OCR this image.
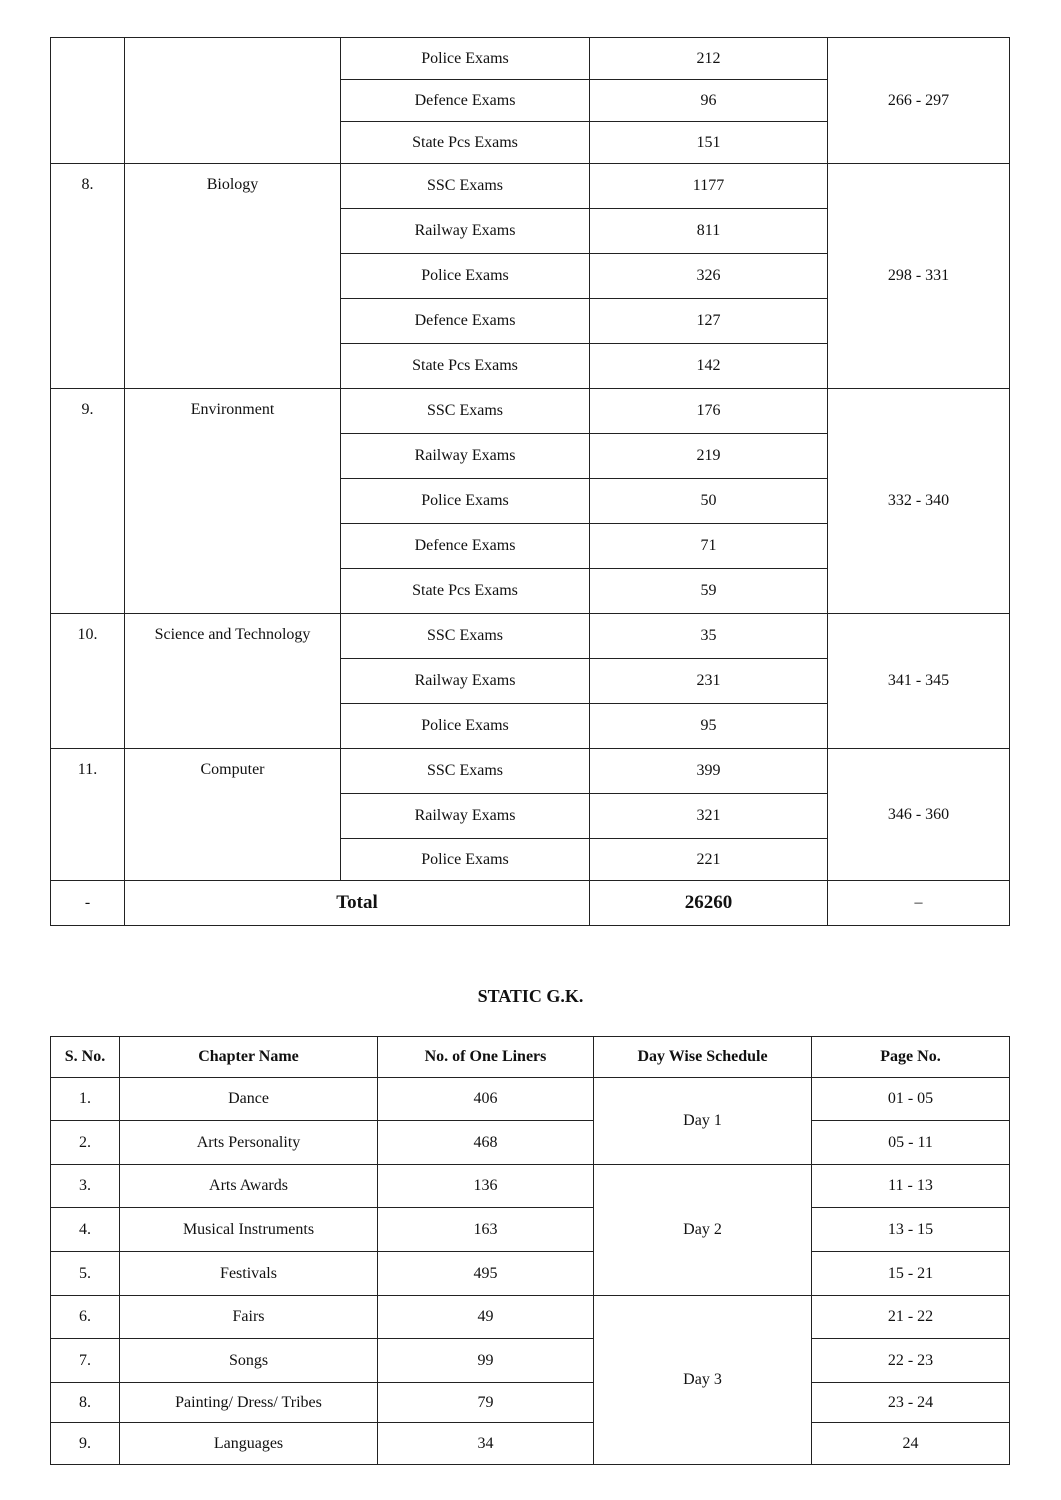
		Police Exams	212	266 - 297
		Defence Exams	96	
		State Pcs Exams	151	
8.	Biology	SSC Exams	1177	298 - 331
		Railway Exams	811	
		Police Exams	326	
		Defence Exams	127	
		State Pcs Exams	142	
9.	Environment	SSC Exams	176	332 - 340
		Railway Exams	219	
		Police Exams	50	
		Defence Exams	71	
		State Pcs Exams	59	
10.	Science and Technology	SSC Exams	35	341 - 345
		Railway Exams	231	
		Police Exams	95	
11.	Computer	SSC Exams	399	346 - 360
		Railway Exams	321	
		Police Exams	221	
-	Total		26260	–
STATIC G.K.
S. No.	Chapter Name	No. of One Liners	Day Wise Schedule	Page No.
1.	Dance	406	Day 1	01 - 05
2.	Arts Personality	468		05 - 11
3.	Arts Awards	136	Day 2	11 - 13
4.	Musical Instruments	163		13 - 15
5.	Festivals	495		15 - 21
6.	Fairs	49	Day 3	21 - 22
7.	Songs	99		22 - 23
8.	Painting/ Dress/ Tribes	79		23 - 24
9.	Languages	34		24
